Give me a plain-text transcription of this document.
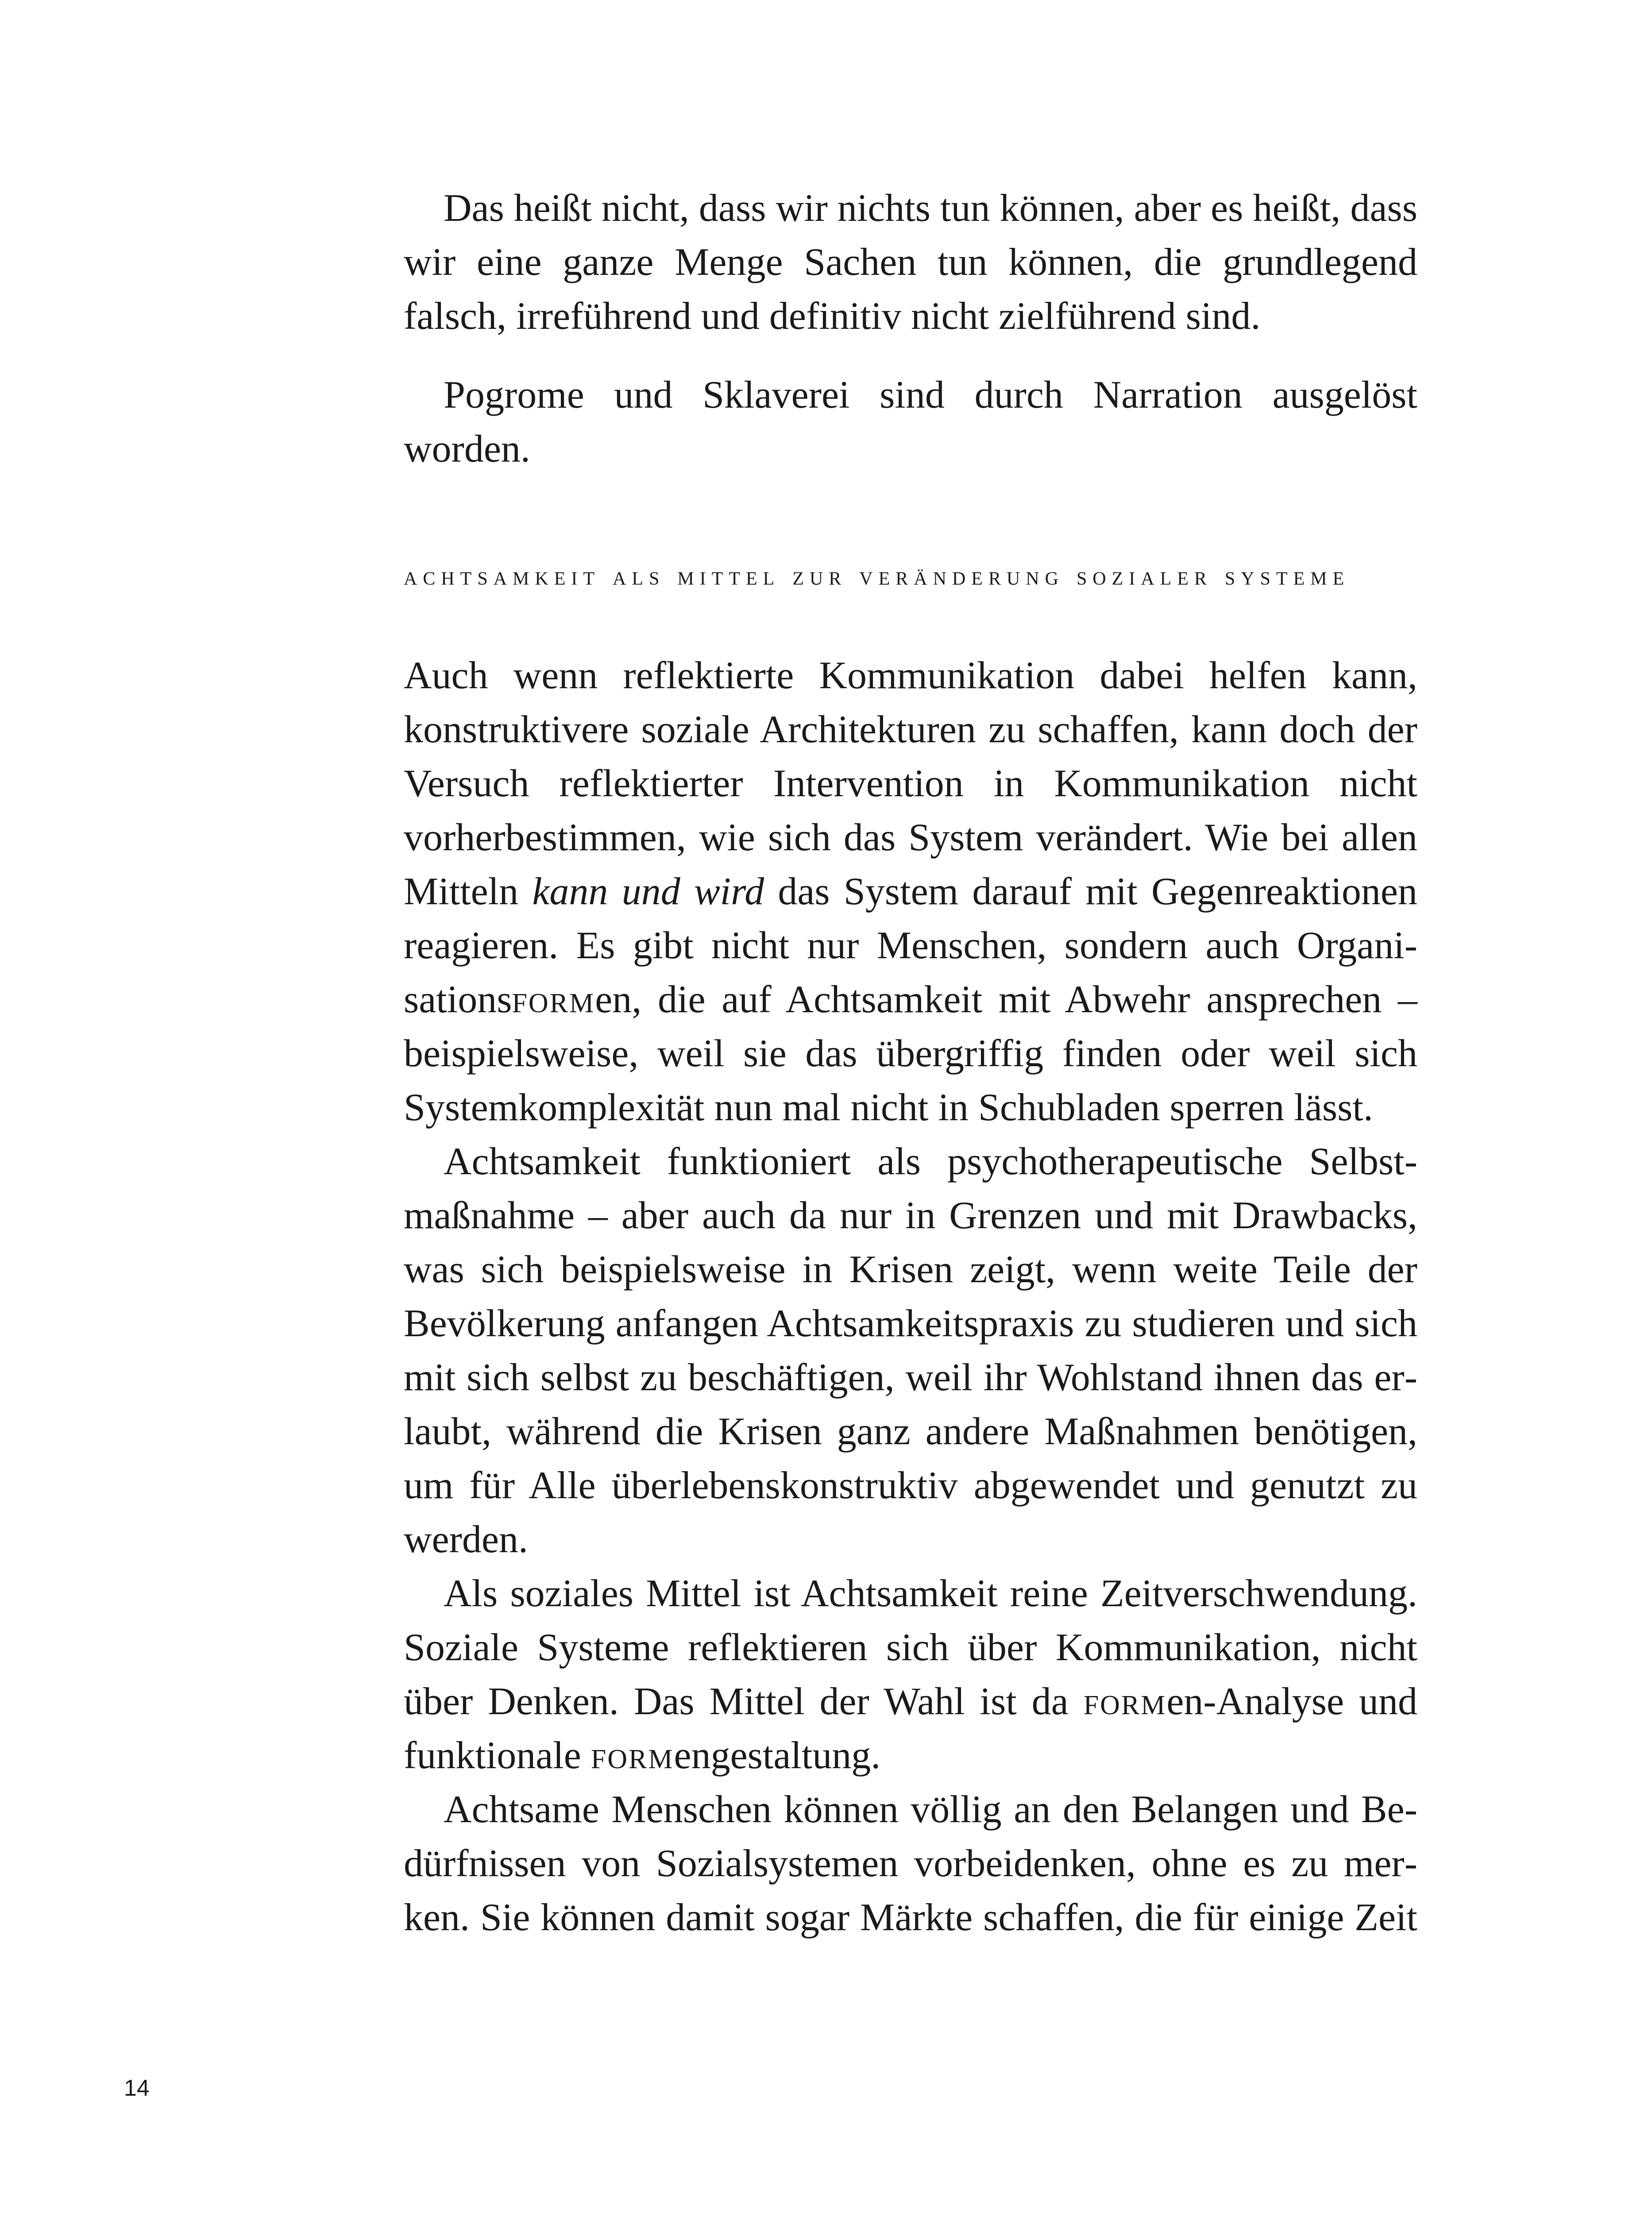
Das heißt nicht, dass wir nichts tun können, aber es heißt, dass wir eine ganze Menge Sachen tun können, die grundlegend falsch, irreführend und definitiv nicht zielführend sind.

Pogrome und Sklaverei sind durch Narration ausgelöst worden.

achtsamkeit als mittel zur veränderung sozialer systeme

Auch wenn reflektierte Kommunikation dabei helfen kann, konstruktivere soziale Architekturen zu schaffen, kann doch der Versuch reflektierter Intervention in Kommunikation nicht vorherbestimmen, wie sich das System verändert. Wie bei allen Mitteln kann und wird das System darauf mit Gegenreaktionen reagieren. Es gibt nicht nur Menschen, sondern auch Organisationsformen, die auf Achtsamkeit mit Abwehr ansprechen – beispielsweise, weil sie das übergriffig finden oder weil sich Systemkomplexität nun mal nicht in Schubladen sperren lässt.

Achtsamkeit funktioniert als psychotherapeutische Selbstmaßnahme – aber auch da nur in Grenzen und mit Drawbacks, was sich beispielsweise in Krisen zeigt, wenn weite Teile der Bevölkerung anfangen Achtsamkeitspraxis zu studieren und sich mit sich selbst zu beschäftigen, weil ihr Wohlstand ihnen das erlaubt, während die Krisen ganz andere Maßnahmen benötigen, um für Alle überlebenskonstruktiv abgewendet und genutzt zu werden.

Als soziales Mittel ist Achtsamkeit reine Zeitverschwendung. Soziale Systeme reflektieren sich über Kommunikation, nicht über Denken. Das Mittel der Wahl ist da formen-Analyse und funktionale formengestaltung.

Achtsame Menschen können völlig an den Belangen und Bedürfnissen von Sozialsystemen vorbeidenken, ohne es zu merken. Sie können damit sogar Märkte schaffen, die für einige Zeit

14
